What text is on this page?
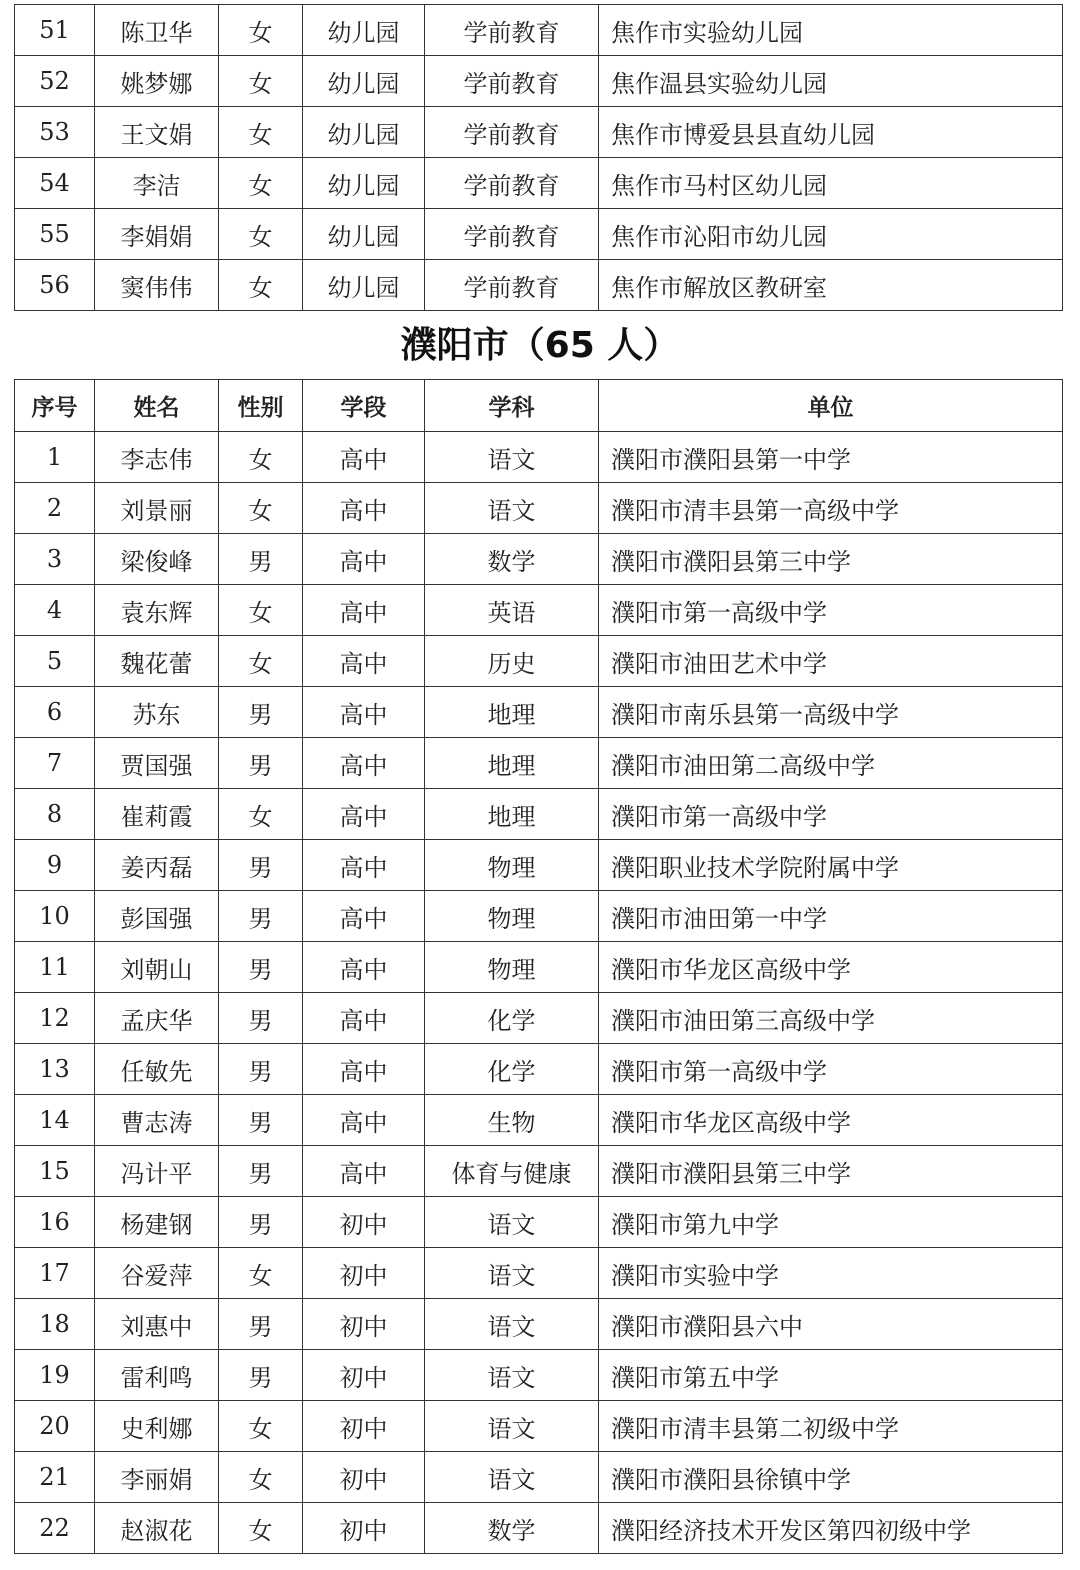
51	陈卫华	女	幼儿园	学前教育	焦作市实验幼儿园
52	姚梦娜	女	幼儿园	学前教育	焦作温县实验幼儿园
53	王文娟	女	幼儿园	学前教育	焦作市博爱县县直幼儿园
54	李洁	女	幼儿园	学前教育	焦作市马村区幼儿园
55	李娟娟	女	幼儿园	学前教育	焦作市沁阳市幼儿园
56	窦伟伟	女	幼儿园	学前教育	焦作市解放区教研室
濮阳市（65 人）
序号	姓名	性别	学段	学科	单位
1	李志伟	女	高中	语文	濮阳市濮阳县第一中学
2	刘景丽	女	高中	语文	濮阳市清丰县第一高级中学
3	梁俊峰	男	高中	数学	濮阳市濮阳县第三中学
4	袁东辉	女	高中	英语	濮阳市第一高级中学
5	魏花蕾	女	高中	历史	濮阳市油田艺术中学
6	苏东	男	高中	地理	濮阳市南乐县第一高级中学
7	贾国强	男	高中	地理	濮阳市油田第二高级中学
8	崔莉霞	女	高中	地理	濮阳市第一高级中学
9	姜丙磊	男	高中	物理	濮阳职业技术学院附属中学
10	彭国强	男	高中	物理	濮阳市油田第一中学
11	刘朝山	男	高中	物理	濮阳市华龙区高级中学
12	孟庆华	男	高中	化学	濮阳市油田第三高级中学
13	任敏先	男	高中	化学	濮阳市第一高级中学
14	曹志涛	男	高中	生物	濮阳市华龙区高级中学
15	冯计平	男	高中	体育与健康	濮阳市濮阳县第三中学
16	杨建钢	男	初中	语文	濮阳市第九中学
17	谷爱萍	女	初中	语文	濮阳市实验中学
18	刘惠中	男	初中	语文	濮阳市濮阳县六中
19	雷利鸣	男	初中	语文	濮阳市第五中学
20	史利娜	女	初中	语文	濮阳市清丰县第二初级中学
21	李丽娟	女	初中	语文	濮阳市濮阳县徐镇中学
22	赵淑花	女	初中	数学	濮阳经济技术开发区第四初级中学
